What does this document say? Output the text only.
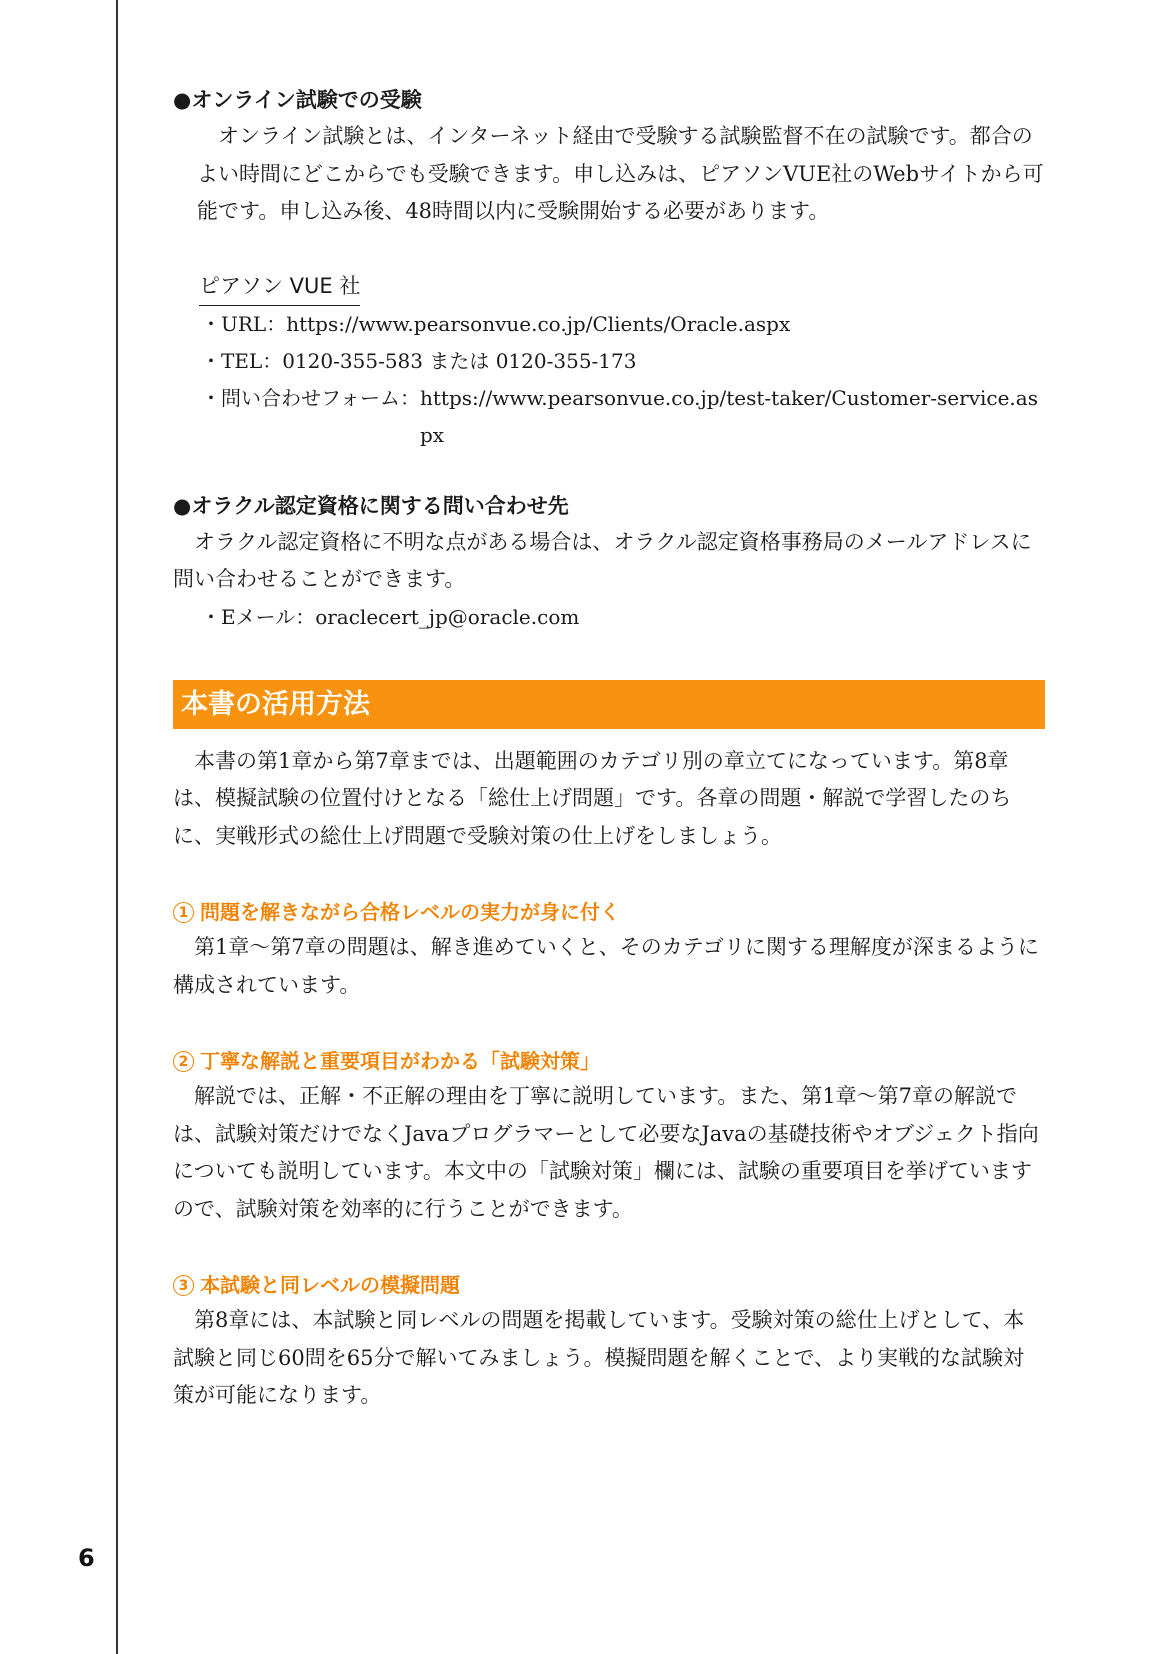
6
●オンライン試験での受験

オンライン試験とは、インターネット経由で受験する試験監督不在の試験です。都合のよい時間にどこからでも受験できます。申し込みは、ピアソンVUE社のWebサイトから可能です。申し込み後、48時間以内に受験開始する必要があります。

ピアソン VUE 社
・URL： https://www.pearsonvue.co.jp/Clients/Oracle.aspx
・TEL： 0120-355-583 または 0120-355-173
・問い合わせフォーム： https://www.pearsonvue.co.jp/test-taker/Customer-service.aspx
●オラクル認定資格に関する問い合わせ先

オラクル認定資格に不明な点がある場合は、オラクル認定資格事務局のメールアドレスに問い合わせることができます。

・Eメール： oraclecert_jp@oracle.com
本書の活用方法

本書の第1章から第7章までは、出題範囲のカテゴリ別の章立てになっています。第8章は、模擬試験の位置付けとなる「総仕上げ問題」です。各章の問題・解説で学習したのちに、実戦形式の総仕上げ問題で受験対策の仕上げをしましょう。

1 問題を解きながら合格レベルの実力が身に付く

第1章～第7章の問題は、解き進めていくと、そのカテゴリに関する理解度が深まるように構成されています。

2 丁寧な解説と重要項目がわかる「試験対策」

解説では、正解・不正解の理由を丁寧に説明しています。また、第1章～第7章の解説では、試験対策だけでなくJavaプログラマーとして必要なJavaの基礎技術やオブジェクト指向についても説明しています。本文中の「試験対策」欄には、試験の重要項目を挙げていますので、試験対策を効率的に行うことができます。

3 本試験と同レベルの模擬問題

第8章には、本試験と同レベルの問題を掲載しています。受験対策の総仕上げとして、本試験と同じ60問を65分で解いてみましょう。模擬問題を解くことで、より実戦的な試験対策が可能になります。
